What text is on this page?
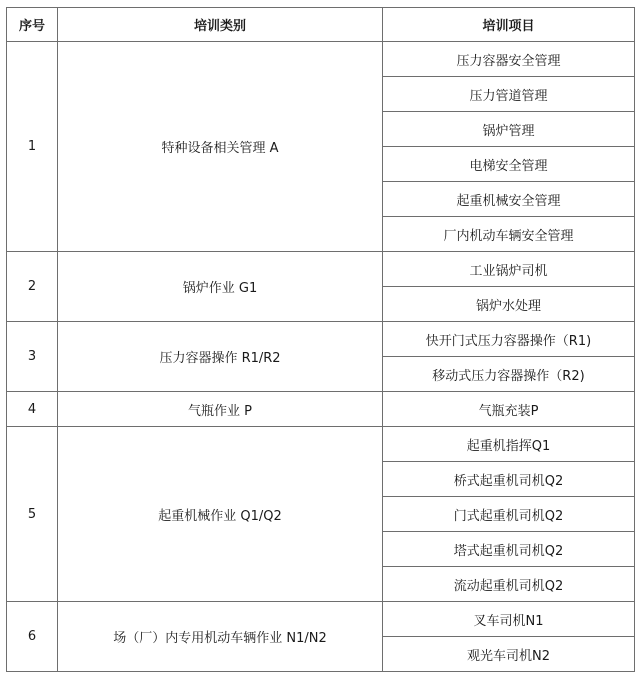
序号	培训类别	培训项目
1	特种设备相关管理 A	压力容器安全管理
		压力管道管理
		锅炉管理
		电梯安全管理
		起重机械安全管理
		厂内机动车辆安全管理
2	锅炉作业 G1	工业锅炉司机
		锅炉水处理
3	压力容器操作 R1/R2	快开门式压力容器操作（R1)
		移动式压力容器操作（R2)
4	气瓶作业 P	气瓶充装P
5	起重机械作业 Q1/Q2	起重机指挥Q1
		桥式起重机司机Q2
		门式起重机司机Q2
		塔式起重机司机Q2
		流动起重机司机Q2
6	场（厂）内专用机动车辆作业 N1/N2	叉车司机N1
		观光车司机N2
